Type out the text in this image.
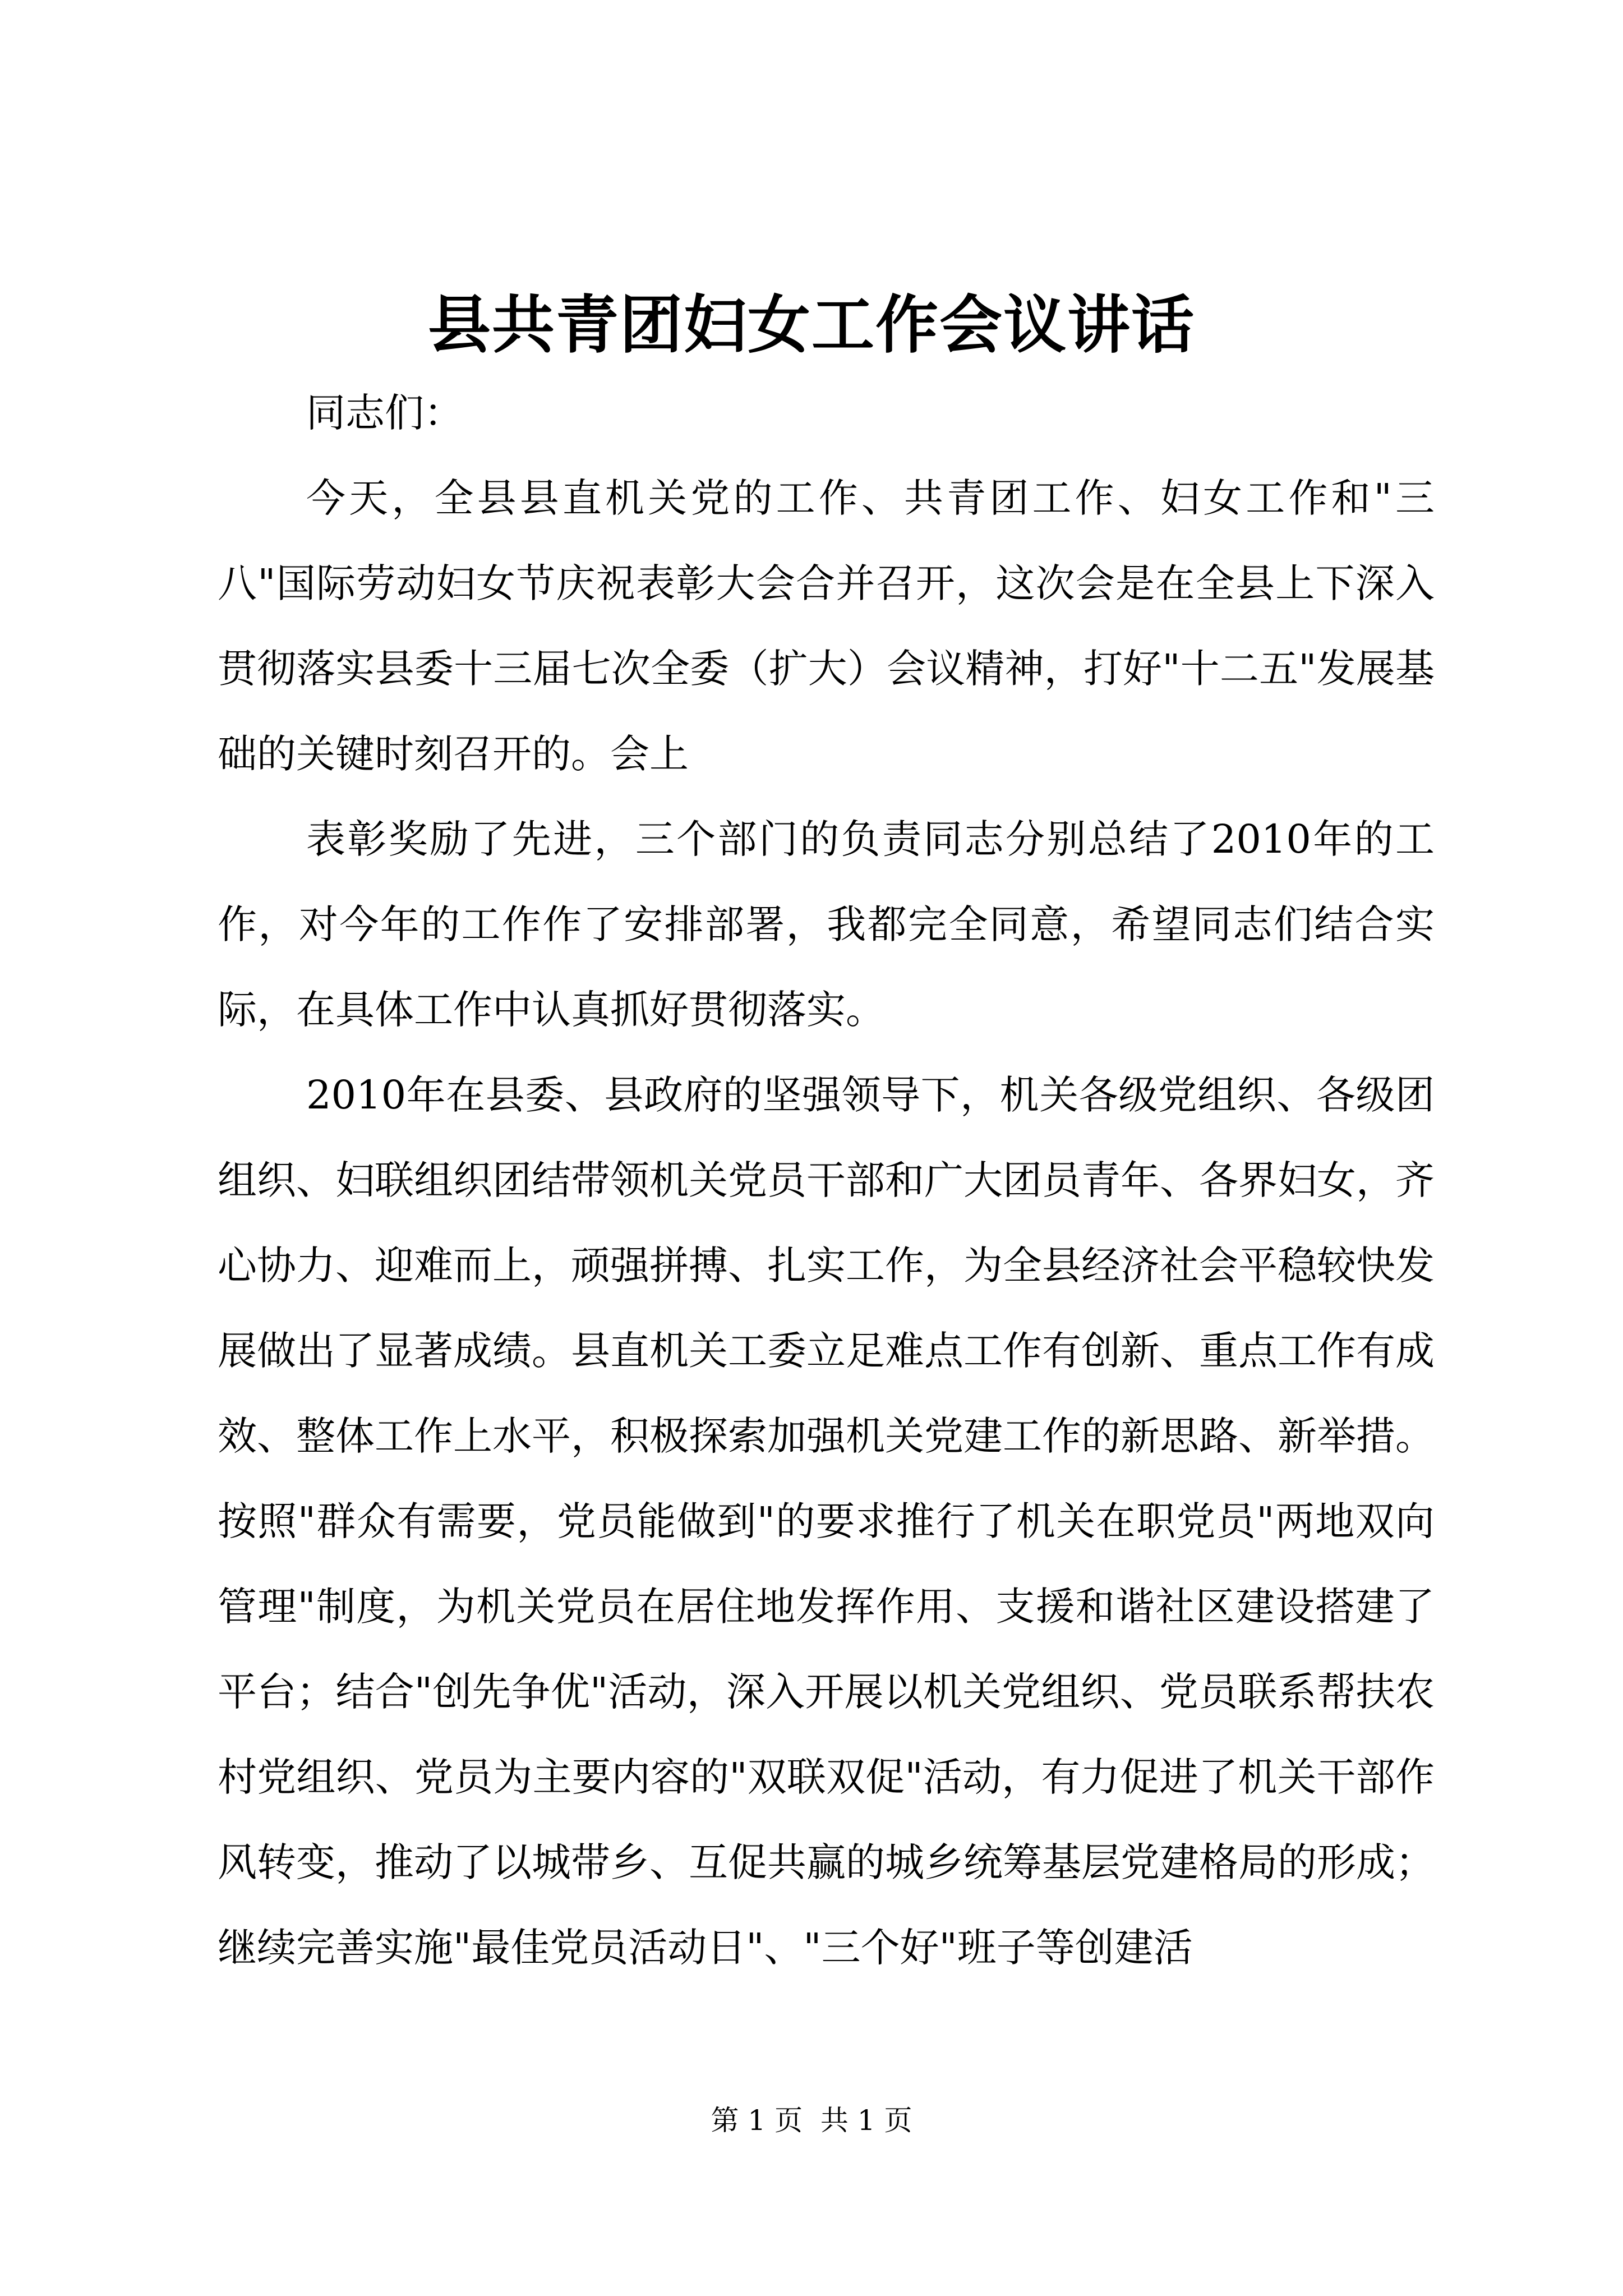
县共青团妇女工作会议讲话

同志们：

今天，全县县直机关党的工作、共青团工作、妇女工作和"三八"国际劳动妇女节庆祝表彰大会合并召开，这次会是在全县上下深入贯彻落实县委十三届七次全委（扩大）会议精神，打好"十二五"发展基础的关键时刻召开的。会上

表彰奖励了先进，三个部门的负责同志分别总结了2010年的工作，对今年的工作作了安排部署，我都完全同意，希望同志们结合实际，在具体工作中认真抓好贯彻落实。

2010年在县委、县政府的坚强领导下，机关各级党组织、各级团组织、妇联组织团结带领机关党员干部和广大团员青年、各界妇女，齐心协力、迎难而上，顽强拼搏、扎实工作，为全县经济社会平稳较快发展做出了显著成绩。县直机关工委立足难点工作有创新、重点工作有成效、整体工作上水平，积极探索加强机关党建工作的新思路、新举措。按照"群众有需要，党员能做到"的要求推行了机关在职党员"两地双向管理"制度，为机关党员在居住地发挥作用、支援和谐社区建设搭建了平台；结合"创先争优"活动，深入开展以机关党组织、党员联系帮扶农村党组织、党员为主要内容的"双联双促"活动，有力促进了机关干部作风转变，推动了以城带乡、互促共赢的城乡统筹基层党建格局的形成；继续完善实施"最佳党员活动日"、"三个好"班子等创建活

第 1 页  共 1 页
